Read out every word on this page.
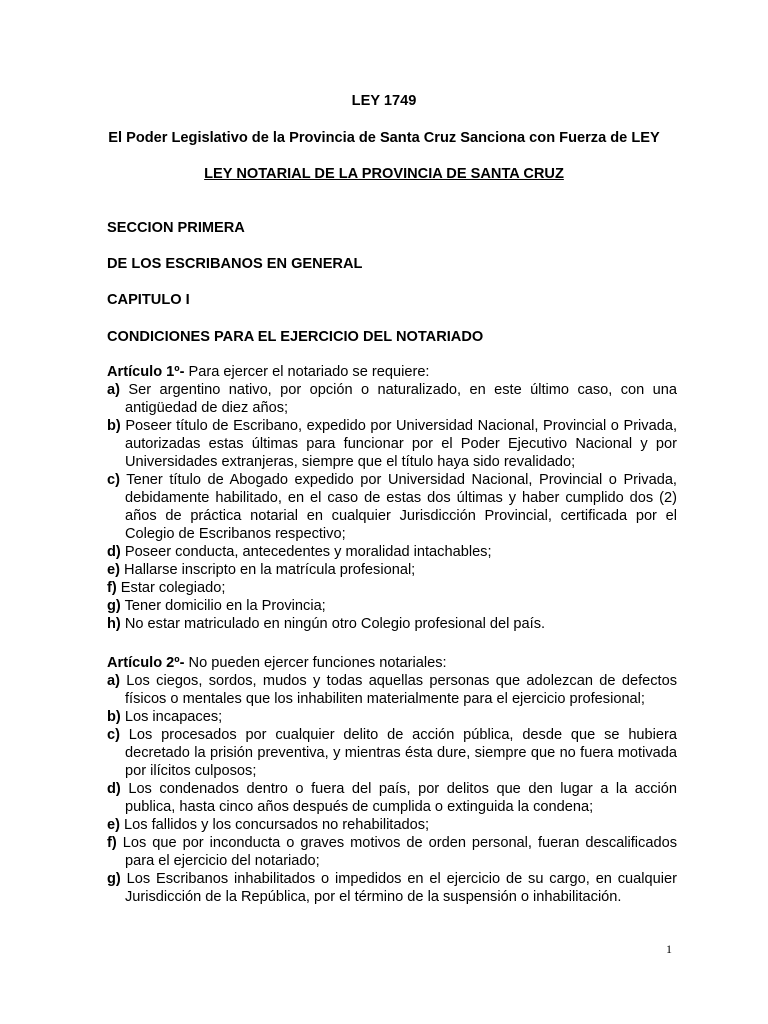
LEY 1749
El Poder Legislativo de la Provincia de Santa Cruz Sanciona con Fuerza de LEY
LEY NOTARIAL DE LA PROVINCIA DE SANTA CRUZ
SECCION PRIMERA
DE LOS ESCRIBANOS EN GENERAL
CAPITULO I
CONDICIONES PARA EL EJERCICIO DEL NOTARIADO
Artículo 1º- Para ejercer el notariado se requiere:
a) Ser argentino nativo, por opción o naturalizado, en este último caso, con una antigüedad de diez años;
b) Poseer título de Escribano, expedido por Universidad Nacional, Provincial o Privada, autorizadas estas últimas para funcionar por el Poder Ejecutivo Nacional y por Universidades extranjeras, siempre que el título haya sido revalidado;
c) Tener título de Abogado expedido por Universidad Nacional, Provincial o Privada, debidamente habilitado, en el caso de estas dos últimas y haber cumplido dos (2) años de práctica notarial en cualquier Jurisdicción Provincial, certificada por el Colegio de Escribanos respectivo;
d) Poseer conducta, antecedentes y moralidad intachables;
e) Hallarse inscripto en la matrícula profesional;
f) Estar colegiado;
g) Tener domicilio en la Provincia;
h) No estar matriculado en ningún otro Colegio profesional del país.
Artículo 2º- No pueden ejercer funciones notariales:
a) Los ciegos, sordos, mudos y todas aquellas personas que adolezcan de defectos físicos o mentales que los inhabiliten materialmente para el ejercicio profesional;
b) Los incapaces;
c) Los procesados por cualquier delito de acción pública, desde que se hubiera decretado la prisión preventiva, y mientras ésta dure, siempre que no fuera motivada por ilícitos culposos;
d) Los condenados dentro o fuera del país, por delitos que den lugar a la acción publica, hasta cinco años después de cumplida o extinguida la condena;
e) Los fallidos y los concursados no rehabilitados;
f) Los que por inconducta o graves motivos de orden personal, fueran descalificados para el ejercicio del notariado;
g) Los Escribanos inhabilitados o impedidos en el ejercicio de su cargo, en cualquier Jurisdicción de la República, por el término de la suspensión o inhabilitación.
1
